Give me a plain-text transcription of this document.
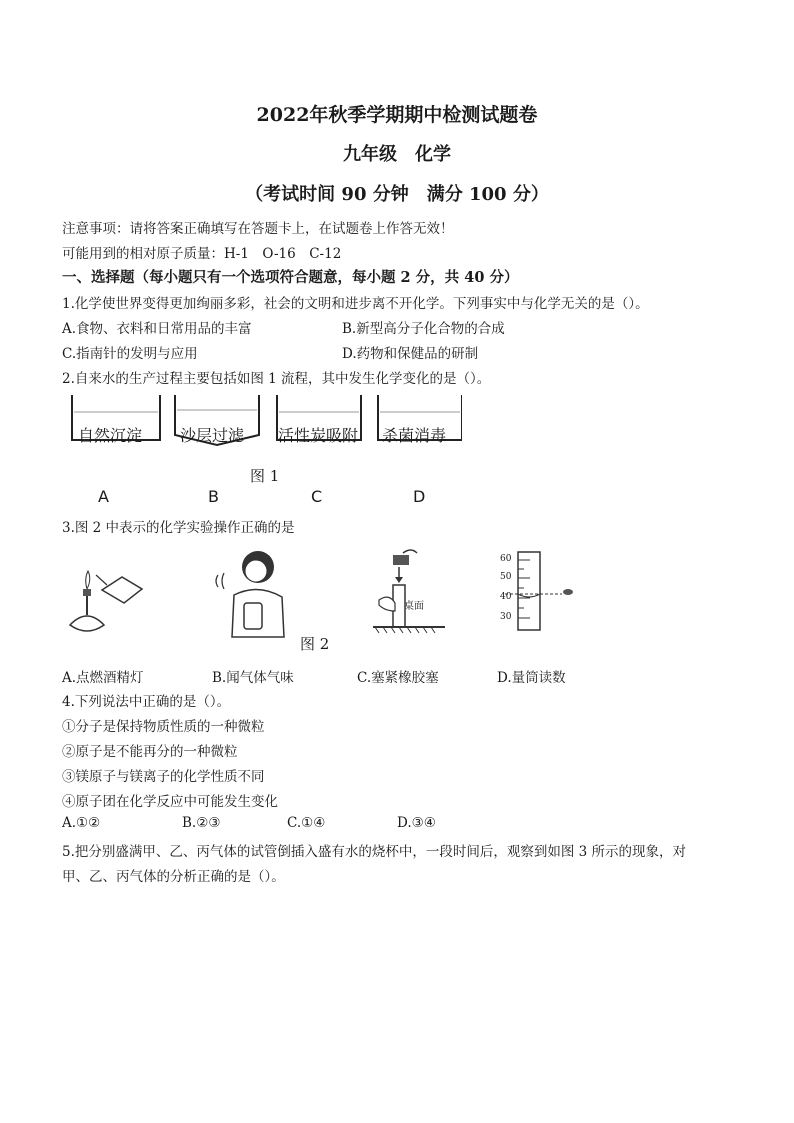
2022年秋季学期期中检测试题卷
九年级　化学
（考试时间 90 分钟　满分 100 分）
注意事项：请将答案正确填写在答题卡上，在试题卷上作答无效！
可能用到的相对原子质量：H-1　O-16　C-12
一、选择题（每小题只有一个选项符合题意，每小题 2 分，共 40 分）
1.化学使世界变得更加绚丽多彩，社会的文明和进步离不开化学。下列事实中与化学无关的是（）。
A.食物、衣料和日常用品的丰富	B.新型高分子化合物的合成
C.指南针的发明与应用	D.药物和保健品的研制
2.自来水的生产过程主要包括如图 1 流程，其中发生化学变化的是（）。
自然沉淀 沙层过滤 活性炭吸附 杀菌消毒
图 1
A	B	C	D
3.图 2 中表示的化学实验操作正确的是
桌面
60
50
40
30
图 2
A.点燃酒精灯	B.闻气体气味	C.塞紧橡胶塞	D.量筒读数
4.下列说法中正确的是（）。
①分子是保持物质性质的一种微粒
②原子是不能再分的一种微粒
③镁原子与镁离子的化学性质不同
④原子团在化学反应中可能发生变化
A.①②	B.②③	C.①④	D.③④
5.把分别盛满甲、乙、丙气体的试管倒插入盛有水的烧杯中，一段时间后，观察到如图 3 所示的现象，对
甲、乙、丙气体的分析正确的是（）。
